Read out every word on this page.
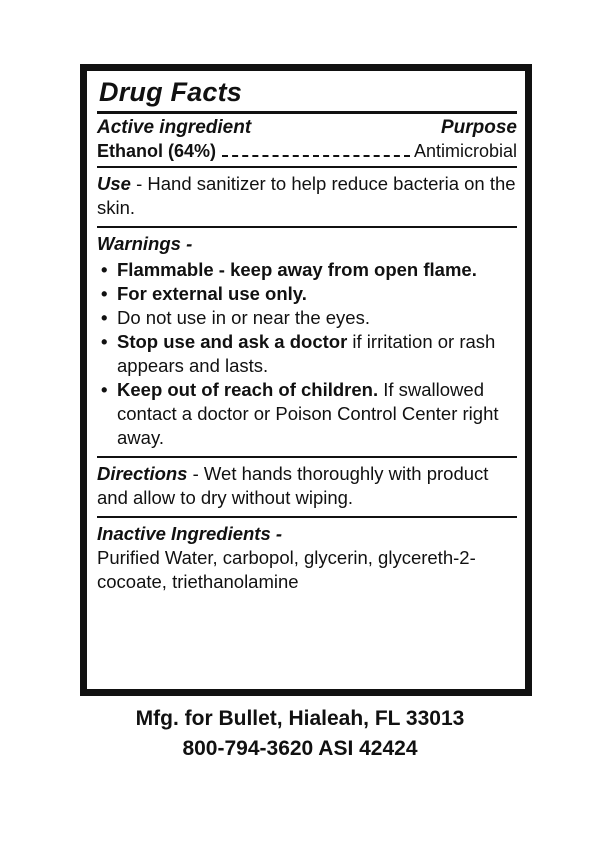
Drug Facts
Active ingredient	Purpose
Ethanol (64%)	Antimicrobial
Use - Hand sanitizer to help reduce bacteria on the skin.
Warnings -
• Flammable - keep away from open flame.
• For external use only.
• Do not use in or near the eyes.
• Stop use and ask a doctor if irritation or rash appears and lasts.
• Keep out of reach of children. If swallowed contact a doctor or Poison Control Center right away.
Directions - Wet hands thoroughly with product and allow to dry without wiping.
Inactive Ingredients -
Purified Water, carbopol, glycerin, glycereth-2- cocoate, triethanolamine
Mfg. for Bullet, Hialeah, FL 33013
800-794-3620 ASI 42424
